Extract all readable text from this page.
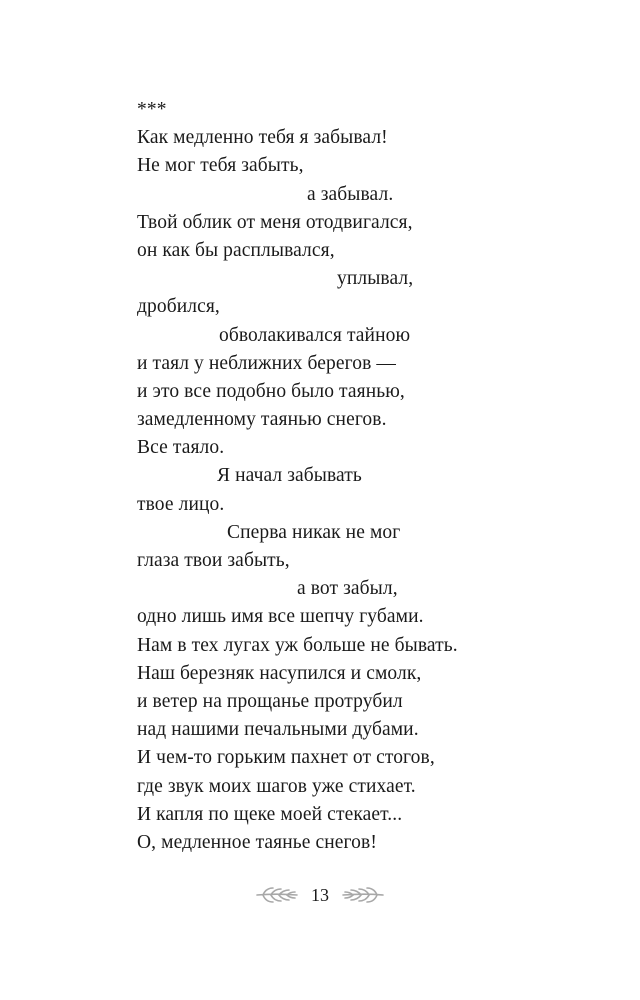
***
Как медленно тебя я забывал!
Не мог тебя забыть,
а забывал.
Твой облик от меня отодвигался,
он как бы расплывался,
уплывал,
дробился,
обволакивался тайною
и таял у неближних берегов —
и это все подобно было таянью,
замедленному таянью снегов.
Все таяло.
Я начал забывать
твое лицо.
Сперва никак не мог
глаза твои забыть,
а вот забыл,
одно лишь имя все шепчу губами.
Нам в тех лугах уж больше не бывать.
Наш березняк насупился и смолк,
и ветер на прощанье протрубил
над нашими печальными дубами.
И чем-то горьким пахнет от стогов,
где звук моих шагов уже стихает.
И капля по щеке моей стекает...
О, медленное таянье снегов!
13
